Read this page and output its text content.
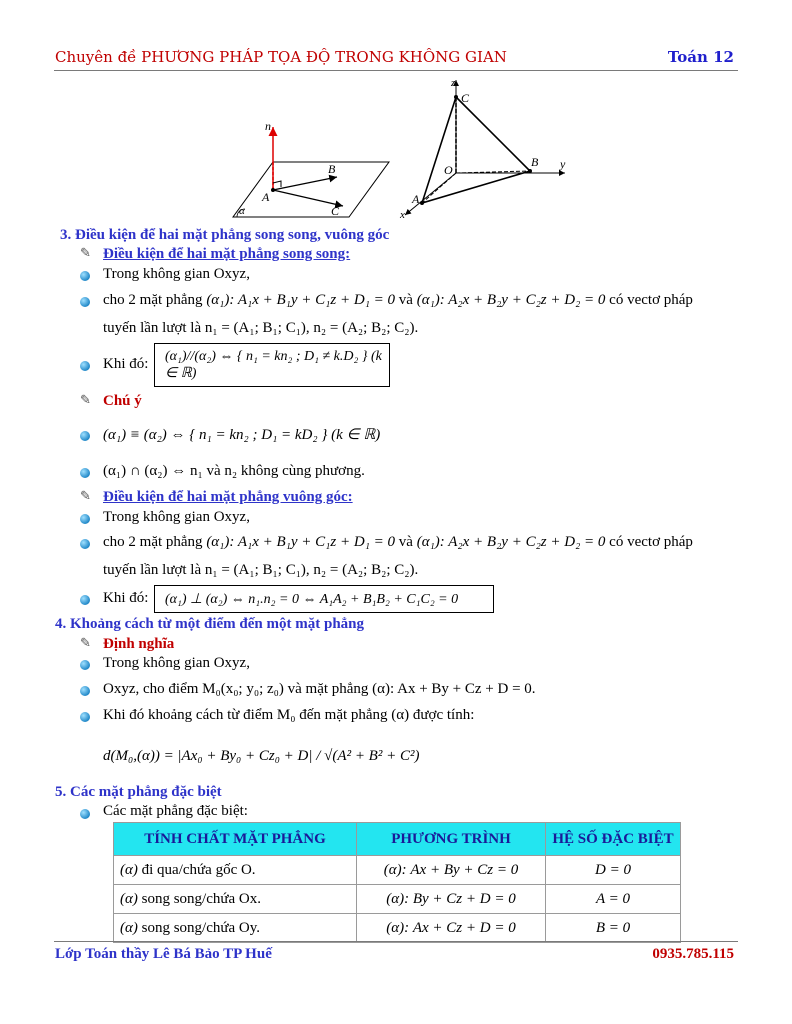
Chuyên đề PHƯƠNG PHÁP TỌA ĐỘ TRONG KHÔNG GIAN	Toán 12
n
B
A
C
α
z
C
O
B y
A
x
3. Điều kiện để hai mặt phẳng song song, vuông góc
✎ Điều kiện để hai mặt phẳng song song:
Trong không gian Oxyz,
cho 2 mặt phẳng (α₁): A₁x + B₁y + C₁z + D₁ = 0 và (α₁): A₂x + B₂y + C₂z + D₂ = 0 có vectơ pháp
tuyến lần lượt là n₁ = (A₁; B₁; C₁), n₂ = (A₂; B₂; C₂).
Khi đó:	(α₁)//(α₂) ⇔ { n₁ = kn₂ ; D₁ ≠ k.D₂ } (k ∈ ℝ)
✎ Chú ý
(α₁) ≡ (α₂) ⇔ { n₁ = kn₂ ; D₁ = kD₂ } (k ∈ ℝ)
(α₁) ∩ (α₂) ⇔ n₁ và n₂ không cùng phương.
✎ Điều kiện để hai mặt phẳng vuông góc:
Trong không gian Oxyz,
cho 2 mặt phẳng (α₁): A₁x + B₁y + C₁z + D₁ = 0 và (α₁): A₂x + B₂y + C₂z + D₂ = 0 có vectơ pháp
tuyến lần lượt là n₁ = (A₁; B₁; C₁), n₂ = (A₂; B₂; C₂).
Khi đó:	(α₁) ⊥ (α₂) ⇔ n₁.n₂ = 0 ⇔ A₁A₂ + B₁B₂ + C₁C₂ = 0
4. Khoảng cách từ một điểm đến một mặt phẳng
✎ Định nghĩa
Trong không gian Oxyz,
Oxyz, cho điểm M₀(x₀; y₀; z₀) và mặt phẳng (α): Ax + By + Cz + D = 0.
Khi đó khoảng cách từ điểm M₀ đến mặt phẳng (α) được tính:
d(M₀,(α)) = |Ax₀ + By₀ + Cz₀ + D| / √(A² + B² + C²)
5. Các mặt phẳng đặc biệt
Các mặt phẳng đặc biệt:
TÍNH CHẤT MẶT PHẲNG	PHƯƠNG TRÌNH	HỆ SỐ ĐẶC BIỆT
(α) đi qua/chứa gốc O.	(α): Ax + By + Cz = 0	D = 0
(α) song song/chứa Ox.	(α): By + Cz + D = 0	A = 0
(α) song song/chứa Oy.	(α): Ax + Cz + D = 0	B = 0
Lớp Toán thầy Lê Bá Bảo TP Huế	0935.785.115
